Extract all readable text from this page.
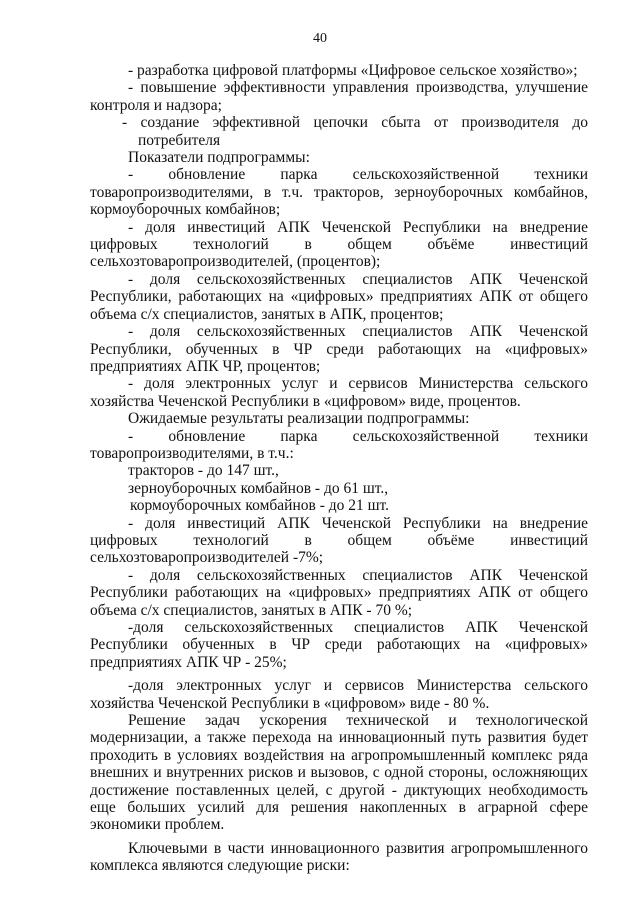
40

- разработка цифровой платформы «Цифровое сельское хозяйство»;

- повышение эффективности управления производства, улучшение контроля и надзора;

- создание эффективной цепочки сбыта от производителя до потребителя

Показатели подпрограммы:

- обновление парка сельскохозяйственной техники товаропроизводителями, в т.ч. тракторов, зерноуборочных комбайнов, кормоуборочных комбайнов;

- доля инвестиций АПК Чеченской Республики на внедрение цифровых технологий в общем объёме инвестиций сельхозтоваропроизводителей, (процентов);

- доля сельскохозяйственных специалистов АПК Чеченской Республики, работающих на «цифровых» предприятиях АПК от общего объема с/х специалистов, занятых в АПК, процентов;

- доля сельскохозяйственных специалистов АПК Чеченской Республики, обученных в ЧР среди работающих на «цифровых» предприятиях АПК ЧР, процентов;

- доля электронных услуг и сервисов Министерства сельского хозяйства Чеченской Республики в «цифровом» виде, процентов.

Ожидаемые результаты реализации подпрограммы:

- обновление парка сельскохозяйственной техники товаропроизводителями, в т.ч.:

тракторов - до 147 шт.,

зерноуборочных комбайнов - до 61 шт.,

кормоуборочных комбайнов - до 21 шт.

- доля инвестиций АПК Чеченской Республики на внедрение цифровых технологий в общем объёме инвестиций сельхозтоваропроизводителей -7%;

- доля сельскохозяйственных специалистов АПК Чеченской Республики работающих на «цифровых» предприятиях АПК от общего объема с/х специалистов, занятых в АПК - 70 %;

-доля сельскохозяйственных специалистов АПК Чеченской Республики обученных в ЧР среди работающих на «цифровых» предприятиях АПК ЧР - 25%;

-доля электронных услуг и сервисов Министерства сельского хозяйства Чеченской Республики в «цифровом» виде - 80 %.

Решение задач ускорения технической и технологической модернизации, а также перехода на инновационный путь развития будет проходить в условиях воздействия на агропромышленный комплекс ряда внешних и внутренних рисков и вызовов, с одной стороны, осложняющих достижение поставленных целей, с другой - диктующих необходимость еще больших усилий для решения накопленных в аграрной сфере экономики проблем.

Ключевыми в части инновационного развития агропромышленного комплекса являются следующие риски:
